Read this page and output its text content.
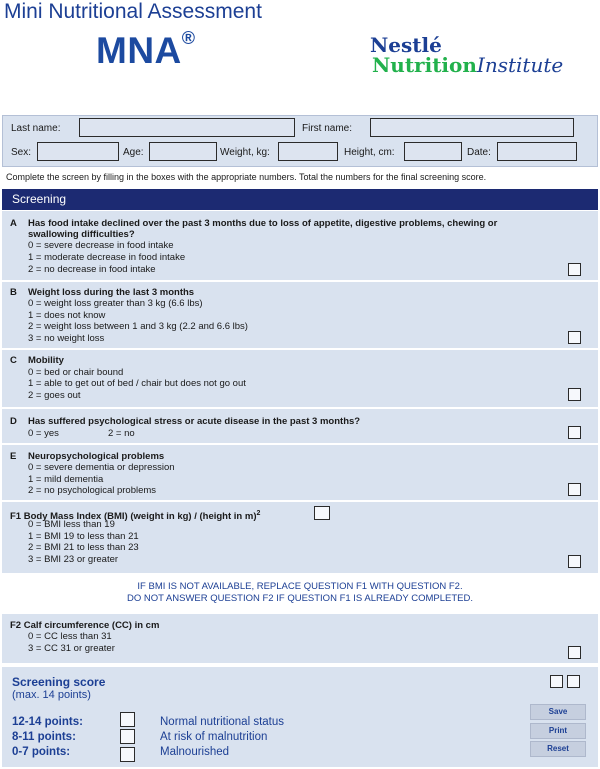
Mini Nutritional Assessment
MNA®	Nestlé
NutritionInstitute
Last name:	First name:
Sex:	Age:	Weight, kg:	Height, cm:	Date:
Complete the screen by filling in the boxes with the appropriate numbers. Total the numbers for the final screening score.
Screening
A Has food intake declined over the past 3 months due to loss of appetite, digestive problems, chewing or
swallowing difficulties?
0 = severe decrease in food intake
1 = moderate decrease in food intake
2 = no decrease in food intake
B Weight loss during the last 3 months
0 = weight loss greater than 3 kg (6.6 lbs)
1 = does not know
2 = weight loss between 1 and 3 kg (2.2 and 6.6 lbs)
3 = no weight loss
C Mobility
0 = bed or chair bound
1 = able to get out of bed / chair but does not go out
2 = goes out
D Has suffered psychological stress or acute disease in the past 3 months?
0 = yes	2 = no
E Neuropsychological problems
0 = severe dementia or depression
1 = mild dementia
2 = no psychological problems
F1 Body Mass Index (BMI) (weight in kg) / (height in m)$^2$
0 = BMI less than 19
1 = BMI 19 to less than 21
2 = BMI 21 to less than 23
3 = BMI 23 or greater
IF BMI IS NOT AVAILABLE, REPLACE QUESTION F1 WITH QUESTION F2.
DO NOT ANSWER QUESTION F2 IF QUESTION F1 IS ALREADY COMPLETED.
F2 Calf circumference (CC) in cm
0 = CC less than 31
3 = CC 31 or greater
Screening score
(max. 14 points)
12-14 points:	Normal nutritional status
8-11 points:	At risk of malnutrition
0-7 points:	Malnourished
Save
Print
Reset
